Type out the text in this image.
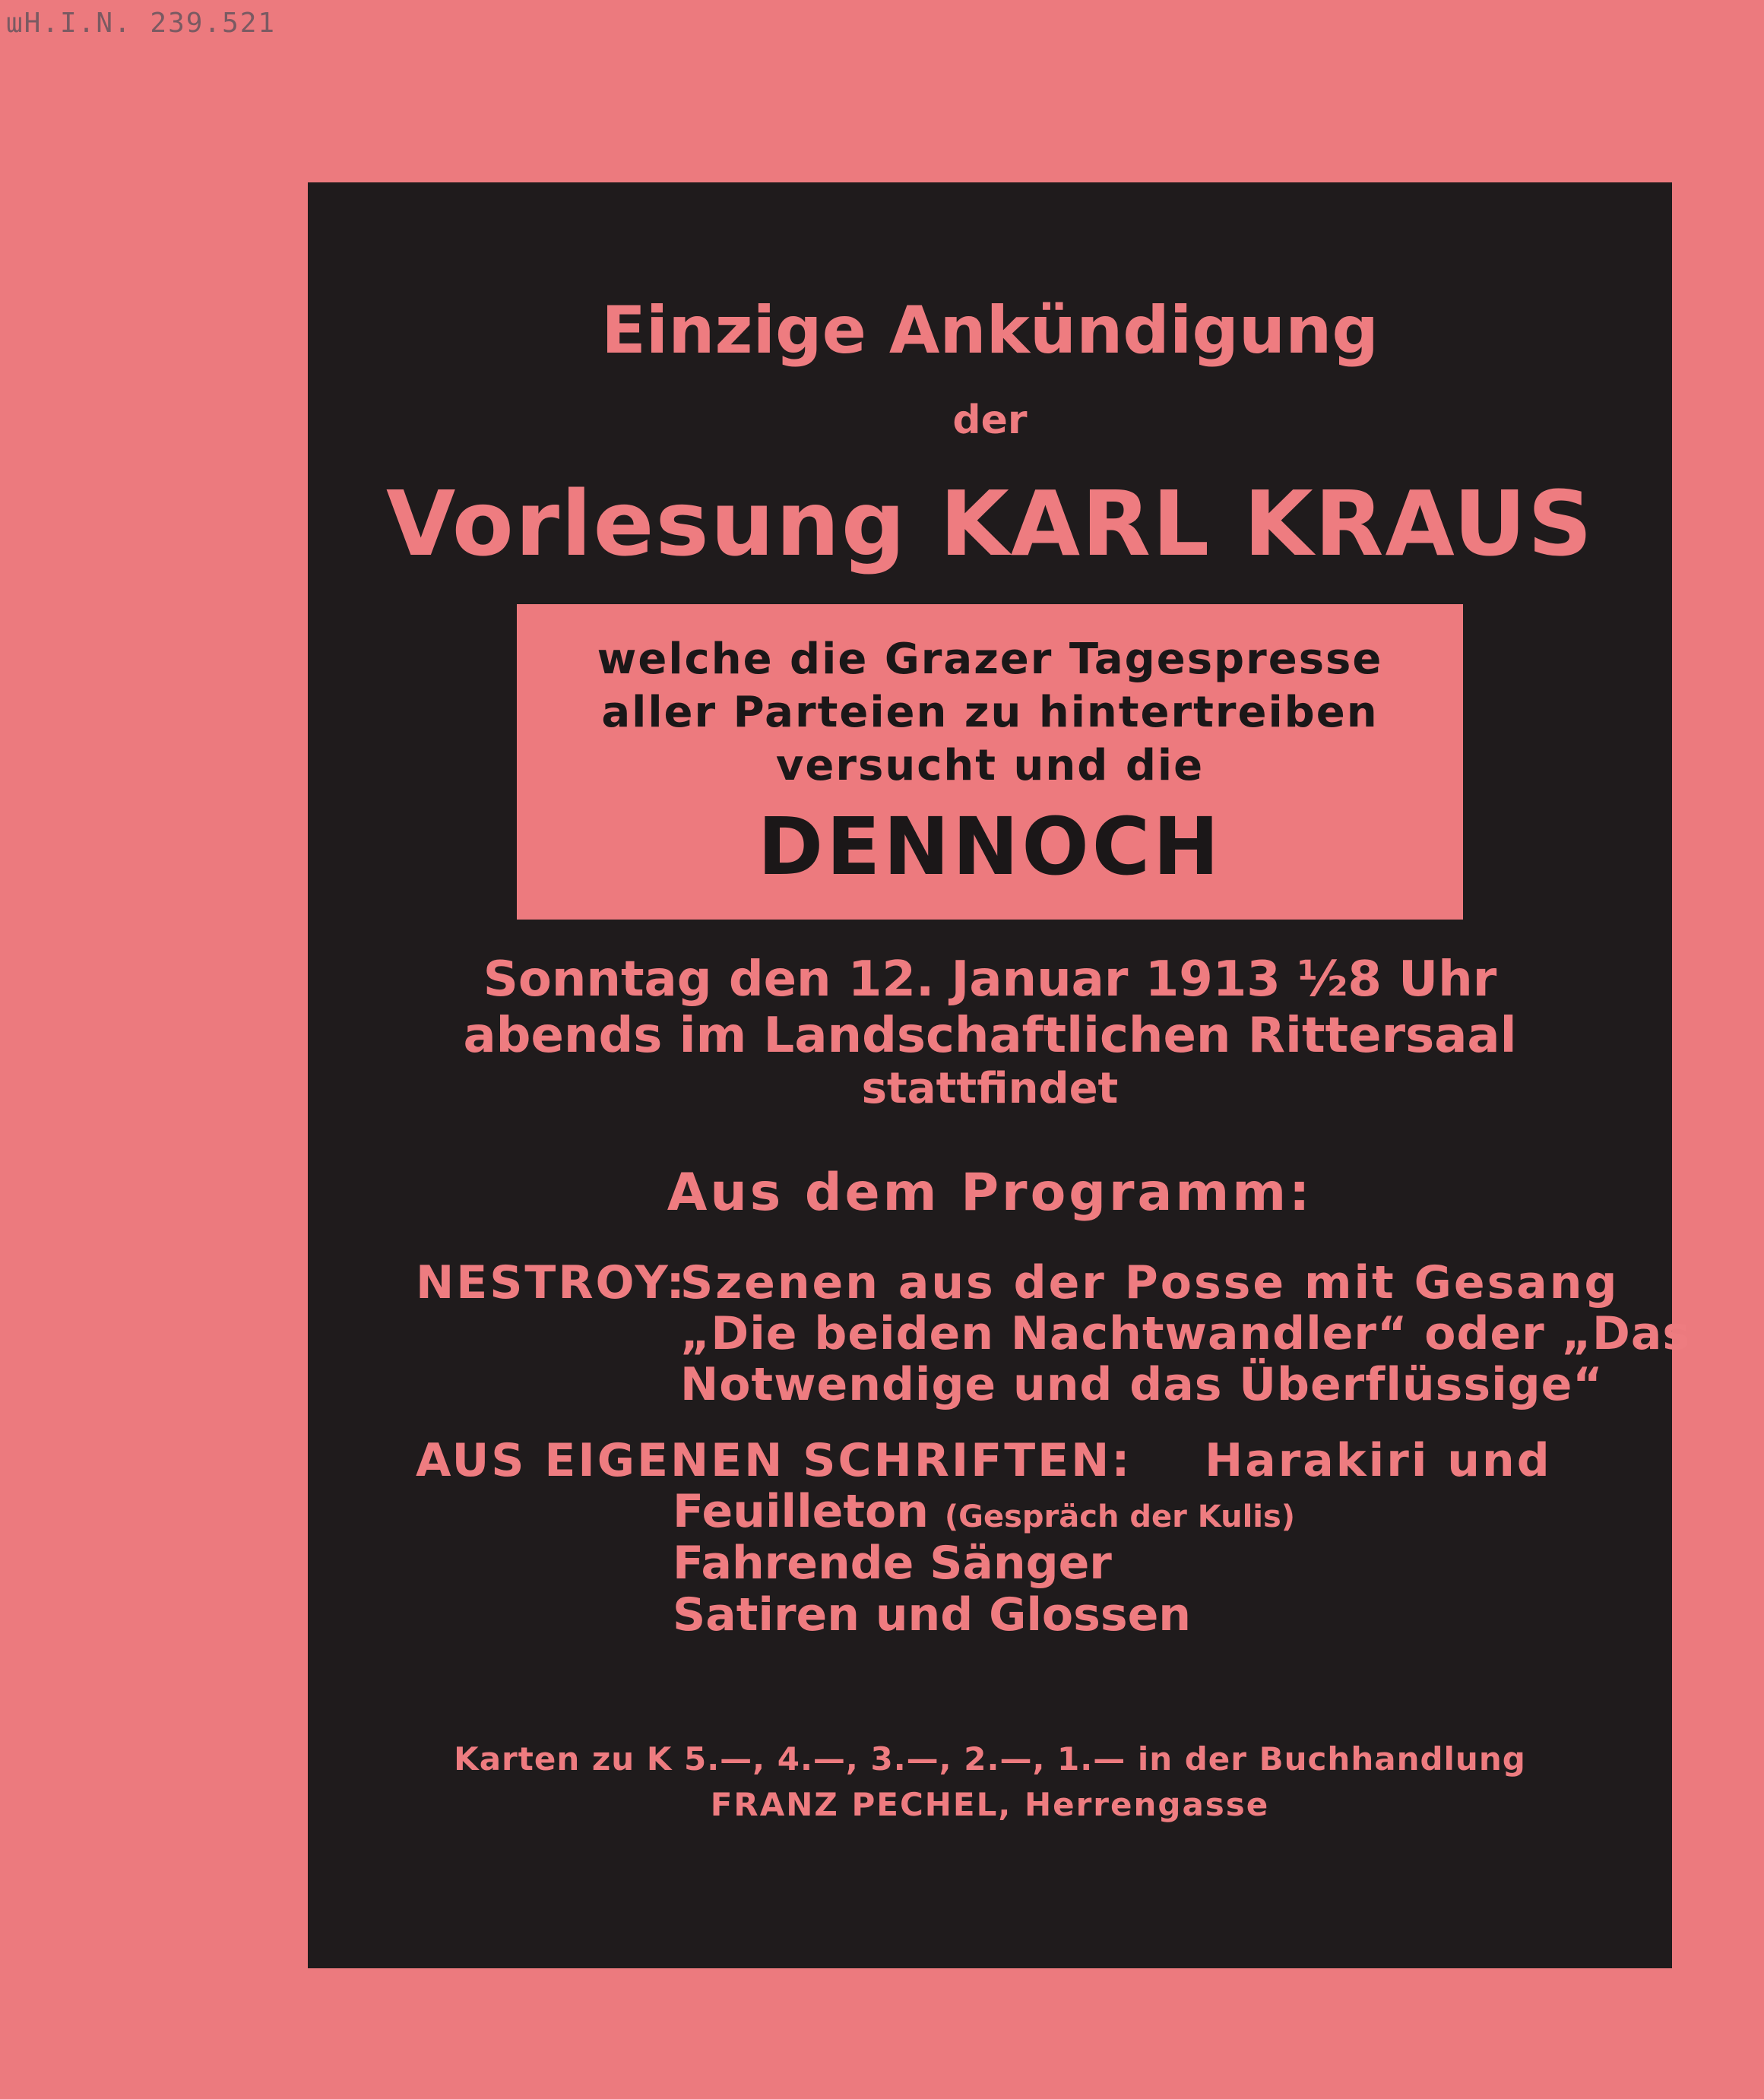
ɯH.I.N. 239.521
Einzige Ankündigung
der
Vorlesung KARL KRAUS
welche die Grazer Tagespresse
aller Parteien zu hintertreiben
versucht und die
DENNOCH
Sonntag den 12. Januar 1913 ½8 Uhr
abends im Landschaftlichen Rittersaal
stattfindet
Aus dem Programm:
NESTROY:
Szenen aus der Posse mit Gesang
„Die beiden Nachtwandler“ oder „Das
Notwendige und das Überflüssige“
AUS EIGENEN SCHRIFTEN: Harakiri und
Feuilleton (Gespräch der Kulis)
Fahrende Sänger
Satiren und Glossen
Karten zu K 5.—, 4.—, 3.—, 2.—, 1.— in der Buchhandlung
FRANZ PECHEL, Herrengasse
